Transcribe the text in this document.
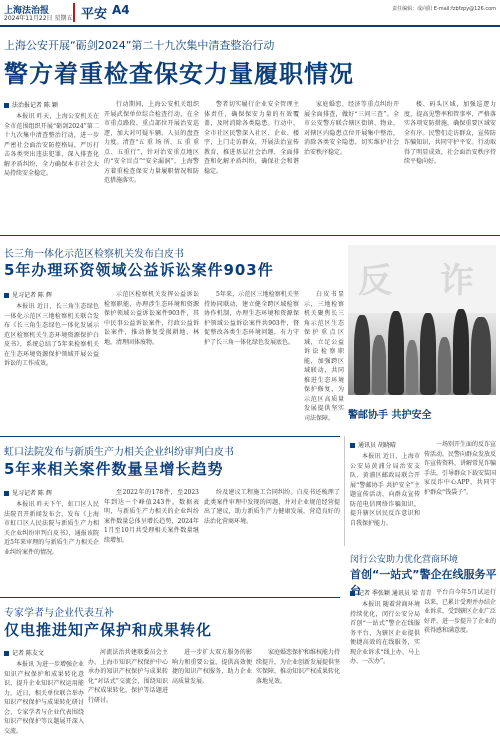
上海法治报
2024年11月22日 星期五 平安 A4	责任编辑：成向阳 E-mail:fzbfzpy@126.com
上海公安开展“砺剑2024”第二十九次集中清查整治行动
警方着重检查保安力量履职情况
法治报记者 陈 颖

本报讯 昨天，上海公安机关在全市范围组织开展“砺剑2024”第二十九次集中清查整治行动，进一步严密社会面治安防控格局，严厉打击各类突出违法犯罪，深入排查化解矛盾纠纷，全力确保本市社会大局持续安全稳定。

行动期间，上海公安机关组织开展武保单位综合检查行动，在全市重点路段、重点部位开展治安巡逻，加大对可疑车辆、人员的盘查力度。清查“五 重 场 所、五 重 重 点、五重行”，针对治安重点地区的“安全盲点”“安全漏洞”，上海警方着重检查保安力量履职情况和防范措施落实。

警者切实履行企业安全管理主体责任，确保保安力量的有效覆盖，及时消除各类隐患。行动中，全市社区民警深入社区、企业、楼宇，上门走访群众，开展法治宣传教育，推进基层社会治理，全面排查和化解矛盾纠纷，确保社会和谐稳定。

家庭婚恋、经济等重点纠纷开展全面排查，做好“三问三查”。全市公安警方联合辖区街镇、物业，对辖区内隐患点位开展集中整治，消除各类安全隐患，切实维护社会治安秩序稳定。

楼、码头区域，加强巡逻力度，提高见警率和管事率，严格落实各项安防措施，确保重要区域安全有序。民警们走访群众，宣传防诈骗知识，共同守护平安。行动取得了明显成效，社会面治安秩序持续平稳向好。

长三角一体化示范区检察机关发布白皮书
5年办理环资领域公益诉讼案件903件
见习记者 陈 辉

本报讯 近日，长三角生态绿色一体化示范区三地检察机关联合发布《长三角生态绿色一体化发展示范区检察机关生态环境资源保护白皮书》，系统总结了5年来检察机关在生态环境资源保护领域开展公益诉讼的工作成效。

示范区检察机关发挥公益诉讼检察职能，办理涉生态环境和资源保护领域公益诉讼案件903件，其中民事公益诉讼案件，行政公益诉讼案件，推动修复受损耕地、林地，清理固体废物。

5年来，示范区三地检察机关坚持协同联动，建立健全跨区域检察协作机制，办理生态环境和资源保护领域公益诉讼案件共903件，督促整改各类生态环境问题，有力守护了长三角一体化绿色发展底色。

白皮书显示，三地检察机关聚焦长三角示范区生态保护重点区域，立足公益诉讼检察职能，加强跨区域联动，共同推进生态环境保护修复，为示范区高质量发展提供坚实司法保障。

反 诈
警邮协手 共护安全
虹口法院发布与新质生产力相关企业纠纷审判白皮书
5年来相关案件数量呈增长趋势
见习记者 陈 辉

本报讯 昨天下午，虹口区人民法院召开新闻发布会，发布《上海市虹口区人民法院与新质生产力相关企业纠纷审判白皮书》，通报该院近5年来审理的与新质生产力相关企业纠纷案件的情况。

至2022年的178件，至2023年到达一个峰值243件。数据表明，与新质生产力相关的企业纠纷案件数量总体呈增长趋势，2024年1月至10月共受理相关案件数量继续增加。

纷及建议工程施工合同纠纷。白皮书还梳理了此类案件审理中发现的问题，并对企业规范经营提出了建议，助力新质生产力健康发展，营造良好的法治化营商环境。

通讯员 胡晓晴

本报讯 近日，上海市公安局黄浦分局治安支队、黄浦区邮政局联合开展“警邮协手 共护安全”主题宣传活动，向群众宣传防范电信网络诈骗知识，提升辖区居民反诈意识和自我保护能力。

一场别开生面的反诈宣传活动，民警向群众发放反诈宣传资料，讲解常见诈骗手法，引导群众下载安装国家反诈中心APP，共同守护群众“钱袋子”。

闵行公安助力优化营商环境
首创“一站式”警企在线服务平台
记者 季张颖 通讯员 梁 青青

本报讯 随着营商环境持续优化，闵行公安分局首创“一站式”警企在线服务平台，为辖区企业提供便捷高效的在线服务，实现企业诉求“线上办、马上办、一次办”。

平台自今年5月试运行以来，已累计受理并办结企业诉求，受到辖区企业广泛好评，进一步提升了企业的获得感和满意度。

专家学者与企业代表互补
仅电推进知产保护和成果转化
记者 陈友文

本报讯 为进一步增强企业知识产权保护和成果转化意识，提升企业知识产权运用能力，近日，相关单位联合举办知识产权保护与成果转化研讨会，专家学者与企业代表围绕知识产权保护等议题展开深入交流。

河流法治共建联委员会主办，上海市知识产权保护中心承办的知识产权保护与成果转化“对话式”交流会，围绕知识产权成果转化、保护等话题进行研讨。

进一步扩大双方服务的影响力和重要公益，提供高效便捷的知识产权服务，助力企业高质量发展。

家庭婚恋保护和维权能力持续提升，为企业创新发展提供坚实保障，推动知识产权成果转化落地见效。
